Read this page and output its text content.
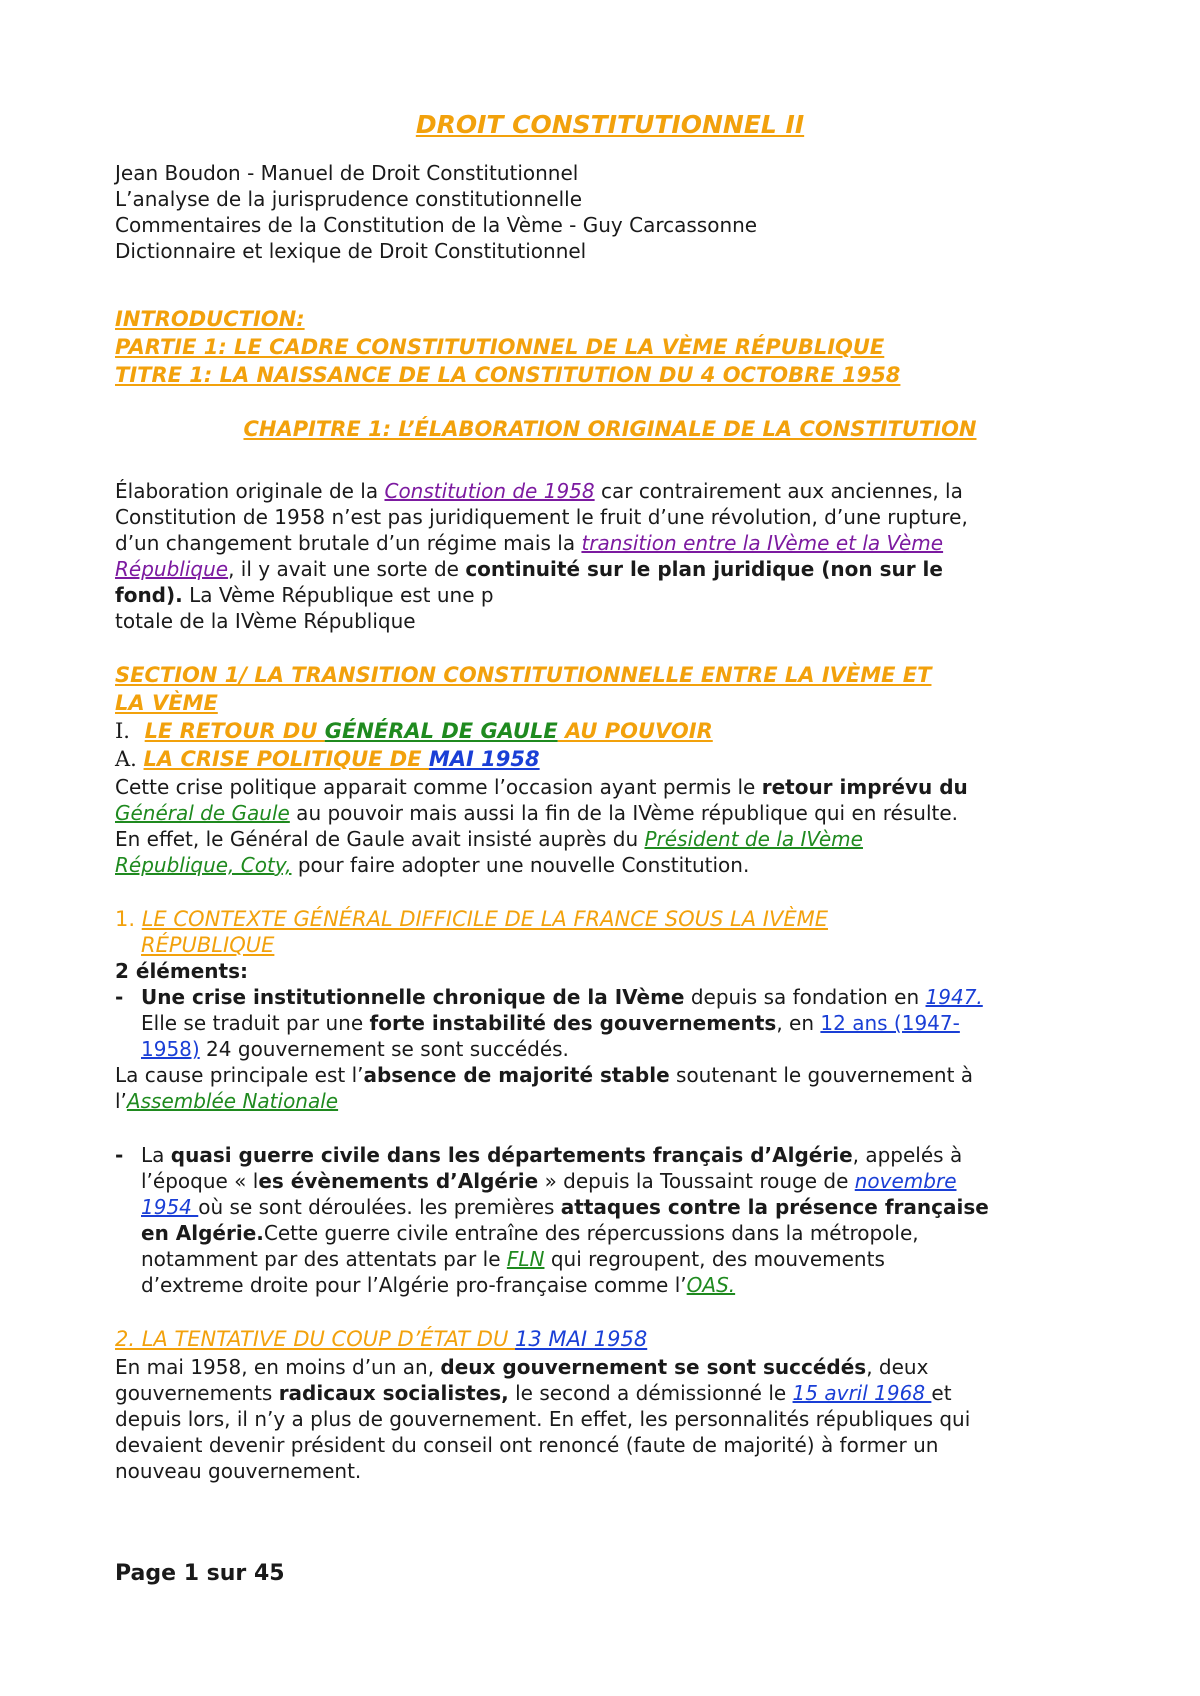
DROIT CONSTITUTIONNEL II
Jean Boudon - Manuel de Droit Constitutionnel
L’analyse de la jurisprudence constitutionnelle
Commentaires de la Constitution de la Vème - Guy Carcassonne
Dictionnaire et lexique de Droit Constitutionnel
INTRODUCTION:
PARTIE 1: LE CADRE CONSTITUTIONNEL DE LA VÈME RÉPUBLIQUE
TITRE 1: LA NAISSANCE DE LA CONSTITUTION DU 4 OCTOBRE 1958
CHAPITRE 1: L’ÉLABORATION ORIGINALE DE LA CONSTITUTION
Élaboration originale de la Constitution de 1958 car contrairement aux anciennes, la
Constitution de 1958 n’est pas juridiquement le fruit d’une révolution, d’une rupture,
d’un changement brutale d’un régime mais la transition entre la IVème et la Vème
République, il y avait une sorte de continuité sur le plan juridique (non sur le
fond). La Vème République est une p
totale de la IVème République
SECTION 1/ LA TRANSITION CONSTITUTIONNELLE ENTRE LA IVÈME ET
LA VÈME
I. LE RETOUR DU GÉNÉRAL DE GAULE AU POUVOIR
A. LA CRISE POLITIQUE DE MAI 1958
Cette crise politique apparait comme l’occasion ayant permis le retour imprévu du
Général de Gaule au pouvoir mais aussi la fin de la IVème république qui en résulte.
En effet, le Général de Gaule avait insisté auprès du Président de la IVème
République, Coty, pour faire adopter une nouvelle Constitution.
1. LE CONTEXTE GÉNÉRAL DIFFICILE DE LA FRANCE SOUS LA IVÈME
RÉPUBLIQUE
2 éléments:
- Une crise institutionnelle chronique de la IVème depuis sa fondation en 1947.
Elle se traduit par une forte instabilité des gouvernements, en 12 ans (1947-
1958) 24 gouvernement se sont succédés.
La cause principale est l’absence de majorité stable soutenant le gouvernement à
l’Assemblée Nationale
- La quasi guerre civile dans les départements français d’Algérie, appelés à
l’époque « les évènements d’Algérie » depuis la Toussaint rouge de novembre
1954 où se sont déroulées. les premières attaques contre la présence française
en Algérie.Cette guerre civile entraîne des répercussions dans la métropole,
notamment par des attentats par le FLN qui regroupent, des mouvements
d’extreme droite pour l’Algérie pro-française comme l’OAS.
2. LA TENTATIVE DU COUP D’ÉTAT DU 13 MAI 1958
En mai 1958, en moins d’un an, deux gouvernement se sont succédés, deux
gouvernements radicaux socialistes, le second a démissionné le 15 avril 1968 et
depuis lors, il n’y a plus de gouvernement. En effet, les personnalités républiques qui
devaient devenir président du conseil ont renoncé (faute de majorité) à former un
nouveau gouvernement.
Page 1 sur 45
